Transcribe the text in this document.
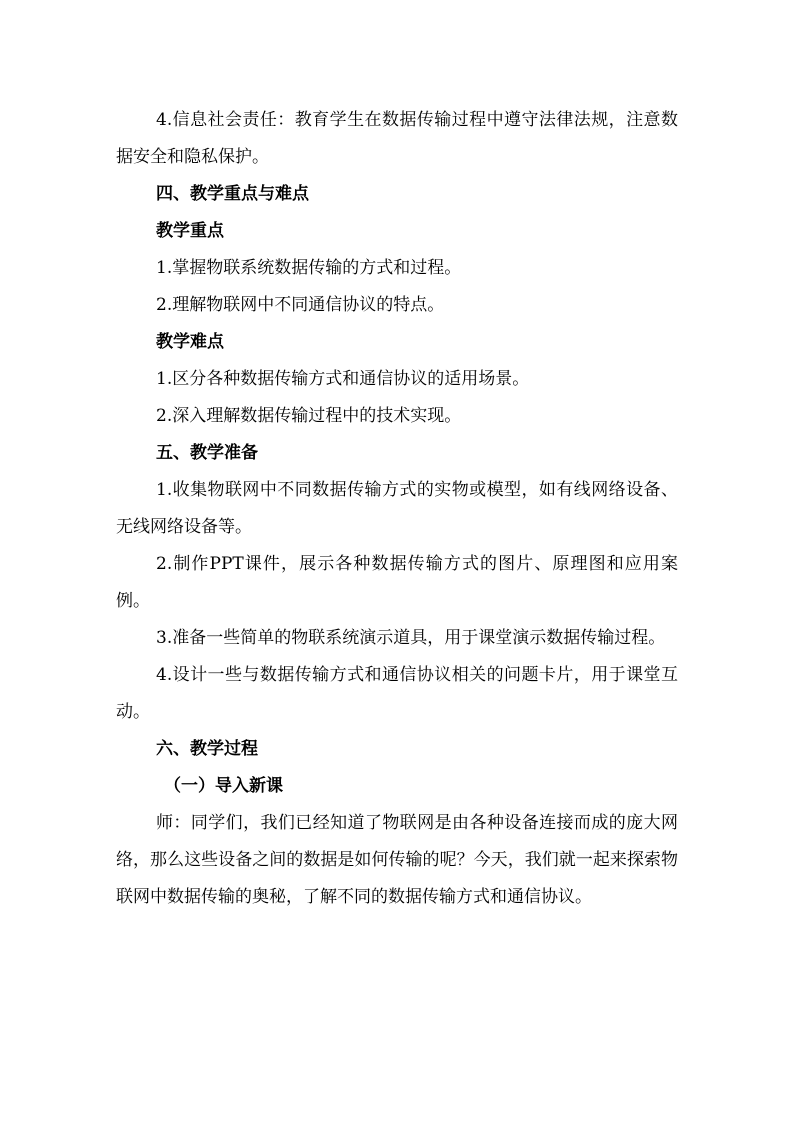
4.信息社会责任：教育学生在数据传输过程中遵守法律法规，注意数据安全和隐私保护。

四、教学重点与难点

教学重点

1.掌握物联系统数据传输的方式和过程。

2.理解物联网中不同通信协议的特点。

教学难点

1.区分各种数据传输方式和通信协议的适用场景。

2.深入理解数据传输过程中的技术实现。

五、教学准备

1.收集物联网中不同数据传输方式的实物或模型，如有线网络设备、无线网络设备等。

2.制作PPT课件，展示各种数据传输方式的图片、原理图和应用案例。

3.准备一些简单的物联系统演示道具，用于课堂演示数据传输过程。

4.设计一些与数据传输方式和通信协议相关的问题卡片，用于课堂互动。

六、教学过程

（一）导入新课

师：同学们，我们已经知道了物联网是由各种设备连接而成的庞大网络，那么这些设备之间的数据是如何传输的呢？今天，我们就一起来探索物联网中数据传输的奥秘，了解不同的数据传输方式和通信协议。
